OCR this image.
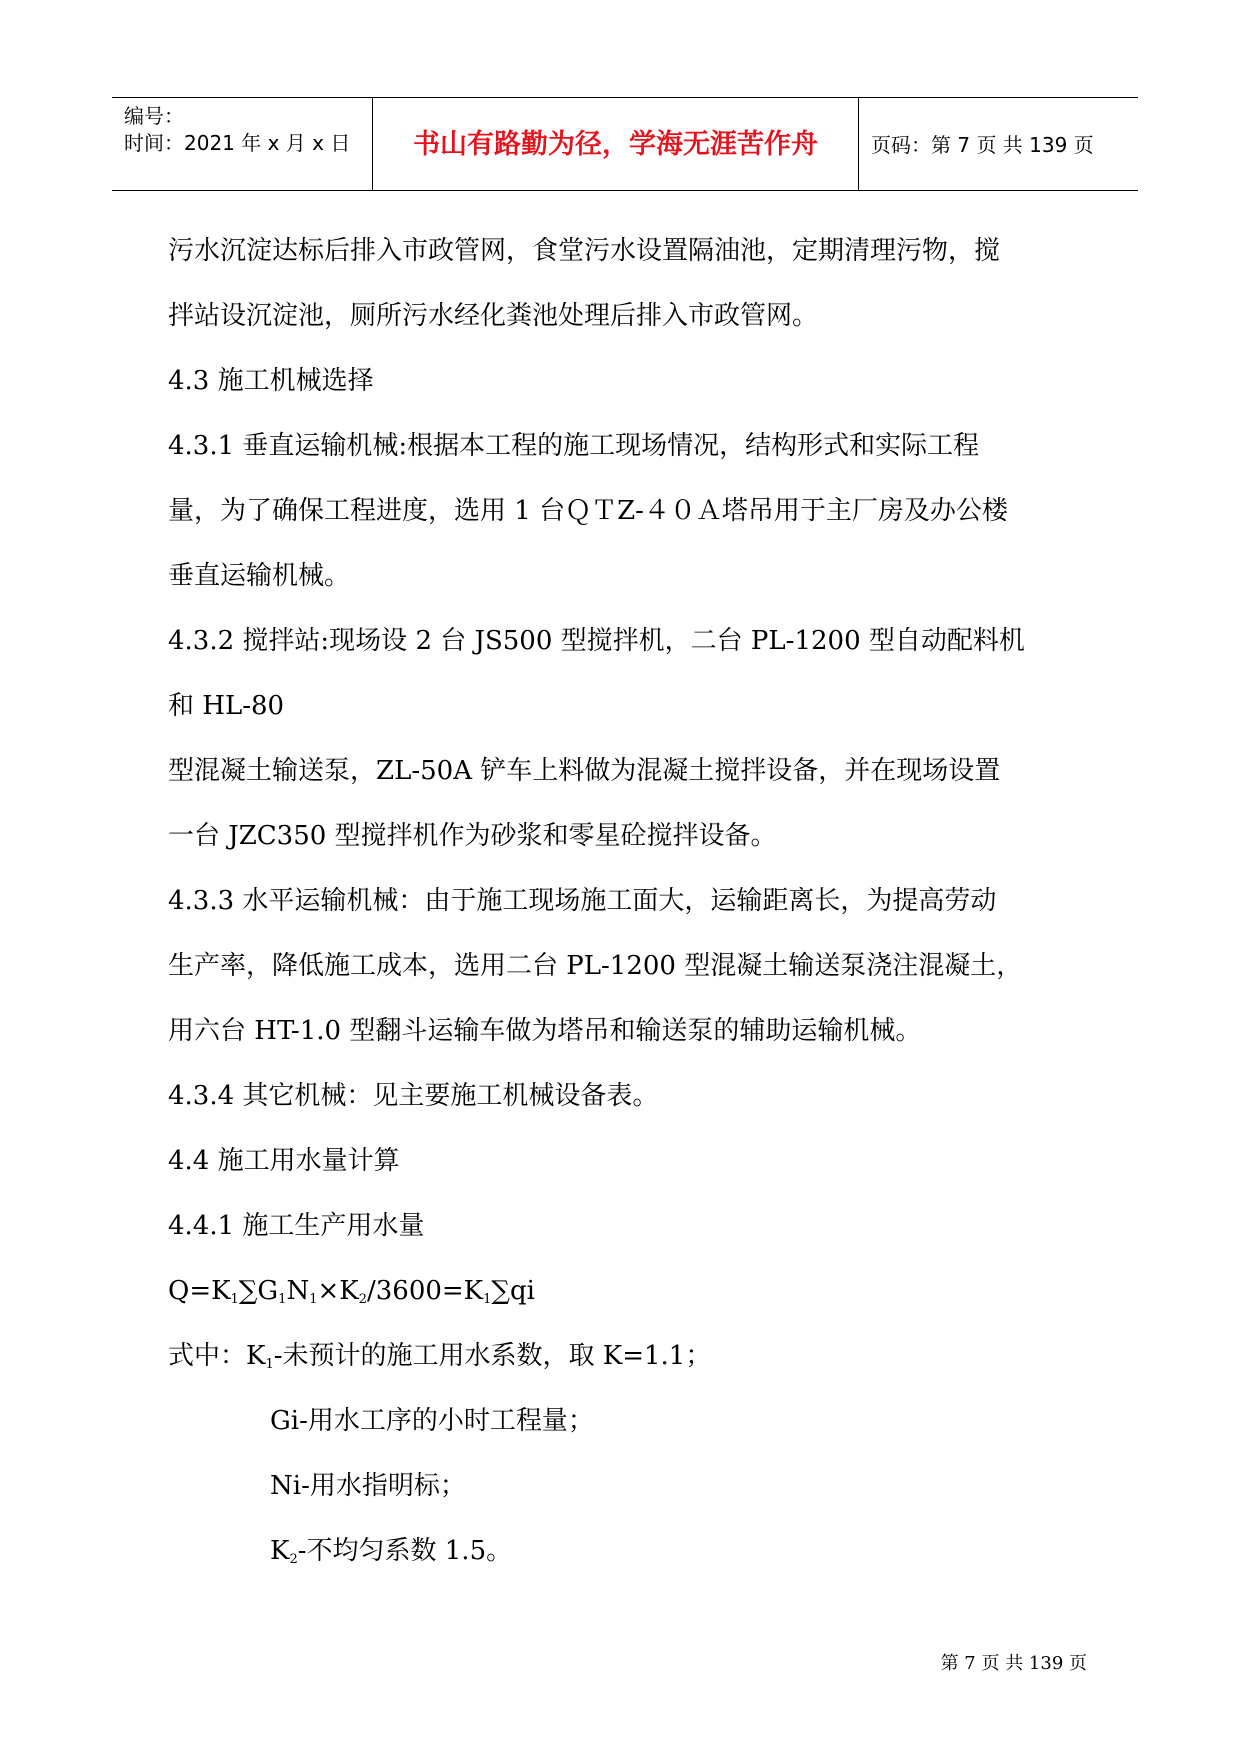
编号：
时间：2021 年 x 月 x 日	书山有路勤为径，学海无涯苦作舟	页码：第 7 页 共 139 页
污水沉淀达标后排入市政管网，食堂污水设置隔油池，定期清理污物，搅
拌站设沉淀池，厕所污水经化粪池处理后排入市政管网。
4.3 施工机械选择
4.3.1 垂直运输机械:根据本工程的施工现场情况，结构形式和实际工程
量，为了确保工程进度，选用 1 台ＱＴZ-４０Ａ塔吊用于主厂房及办公楼
垂直运输机械。
4.3.2 搅拌站:现场设 2 台 JS500 型搅拌机，二台 PL-1200 型自动配料机
和 HL-80
型混凝土输送泵，ZL-50A 铲车上料做为混凝土搅拌设备，并在现场设置
一台 JZC350 型搅拌机作为砂浆和零星砼搅拌设备。
4.3.3 水平运输机械：由于施工现场施工面大，运输距离长，为提高劳动
生产率，降低施工成本，选用二台 PL-1200 型混凝土输送泵浇注混凝土，
用六台 HT-1.0 型翻斗运输车做为塔吊和输送泵的辅助运输机械。
4.3.4 其它机械：见主要施工机械设备表。
4.4 施工用水量计算
4.4.1 施工生产用水量
$Q=K_1\sum G_1N_1\times K_2/3600=K_1\sum qi$
式中：$K_1-$未预计的施工用水系数，取 K=1.1；
Gi-用水工序的小时工程量；
Ni-用水指明标；
$K_2-$不均匀系数 1.5。
第 7 页 共 139 页
